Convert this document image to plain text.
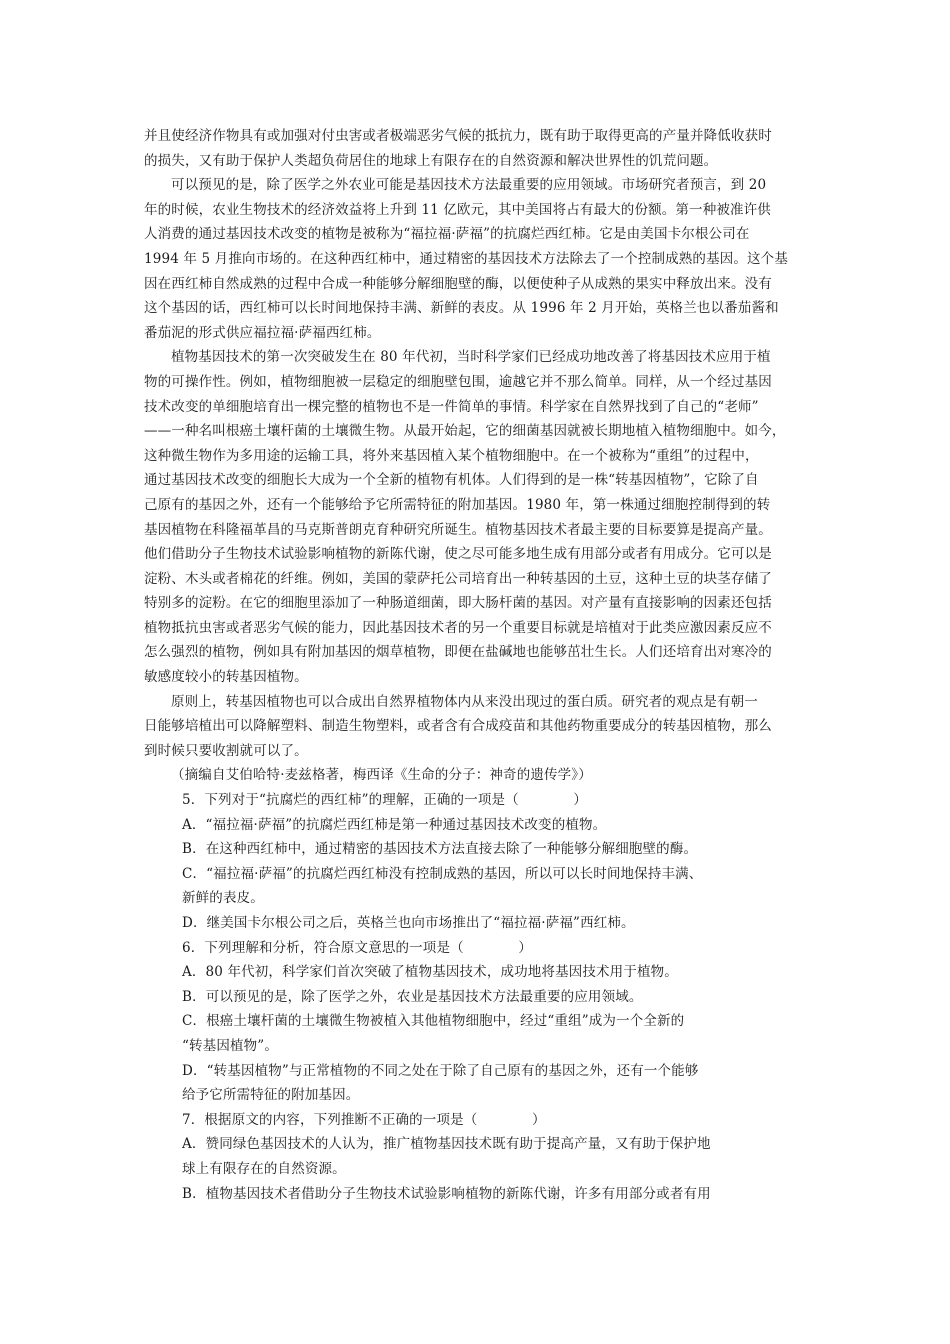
并且使经济作物具有或加强对付虫害或者极端恶劣气候的抵抗力，既有助于取得更高的产量并降低收获时
的损失，又有助于保护人类超负荷居住的地球上有限存在的自然资源和解决世界性的饥荒问题。
可以预见的是，除了医学之外农业可能是基因技术方法最重要的应用领域。市场研究者预言，到 20
年的时候，农业生物技术的经济效益将上升到 11 亿欧元，其中美国将占有最大的份额。第一种被准许供
人消费的通过基因技术改变的植物是被称为“福拉福·萨福”的抗腐烂西红柿。它是由美国卡尔根公司在
1994 年 5 月推向市场的。在这种西红柿中，通过精密的基因技术方法除去了一个控制成熟的基因。这个基
因在西红柿自然成熟的过程中合成一种能够分解细胞壁的酶，以便使种子从成熟的果实中释放出来。没有
这个基因的话，西红柿可以长时间地保持丰满、新鲜的表皮。从 1996 年 2 月开始，英格兰也以番茄酱和
番茄泥的形式供应福拉福·萨福西红柿。
植物基因技术的第一次突破发生在 80 年代初，当时科学家们已经成功地改善了将基因技术应用于植
物的可操作性。例如，植物细胞被一层稳定的细胞壁包围，逾越它并不那么简单。同样，从一个经过基因
技术改变的单细胞培育出一棵完整的植物也不是一件简单的事情。科学家在自然界找到了自己的“老师”
——一种名叫根癌土壤杆菌的土壤微生物。从最开始起，它的细菌基因就被长期地植入植物细胞中。如今，
这种微生物作为多用途的运输工具，将外来基因植入某个植物细胞中。在一个被称为“重组”的过程中，
通过基因技术改变的细胞长大成为一个全新的植物有机体。人们得到的是一株“转基因植物”，它除了自
己原有的基因之外，还有一个能够给予它所需特征的附加基因。1980 年，第一株通过细胞控制得到的转
基因植物在科隆福革昌的马克斯普朗克育种研究所诞生。植物基因技术者最主要的目标要算是提高产量。
他们借助分子生物技术试验影响植物的新陈代谢，使之尽可能多地生成有用部分或者有用成分。它可以是
淀粉、木头或者棉花的纤维。例如，美国的蒙萨托公司培育出一种转基因的土豆，这种土豆的块茎存储了
特别多的淀粉。在它的细胞里添加了一种肠道细菌，即大肠杆菌的基因。对产量有直接影响的因素还包括
植物抵抗虫害或者恶劣气候的能力，因此基因技术者的另一个重要目标就是培植对于此类应激因素反应不
怎么强烈的植物，例如具有附加基因的烟草植物，即便在盐碱地也能够茁壮生长。人们还培育出对寒冷的
敏感度较小的转基因植物。
原则上，转基因植物也可以合成出自然界植物体内从来没出现过的蛋白质。研究者的观点是有朝一
日能够培植出可以降解塑料、制造生物塑料，或者含有合成疫苗和其他药物重要成分的转基因植物，那么
到时候只要收割就可以了。
（摘编自艾伯哈特·麦兹格著，梅西译《生命的分子：神奇的遗传学》）
5．下列对于“抗腐烂的西红柿”的理解，正确的一项是（　　　　）
A．“福拉福·萨福”的抗腐烂西红柿是第一种通过基因技术改变的植物。
B．在这种西红柿中，通过精密的基因技术方法直接去除了一种能够分解细胞壁的酶。
C．“福拉福·萨福”的抗腐烂西红柿没有控制成熟的基因，所以可以长时间地保持丰满、
新鲜的表皮。
D．继美国卡尔根公司之后，英格兰也向市场推出了“福拉福·萨福”西红柿。
6．下列理解和分析，符合原文意思的一项是（　　　　）
A．80 年代初，科学家们首次突破了植物基因技术，成功地将基因技术用于植物。
B．可以预见的是，除了医学之外，农业是基因技术方法最重要的应用领域。
C．根癌土壤杆菌的土壤微生物被植入其他植物细胞中，经过“重组”成为一个全新的
“转基因植物”。
D．“转基因植物”与正常植物的不同之处在于除了自己原有的基因之外，还有一个能够
给予它所需特征的附加基因。
7．根据原文的内容，下列推断不正确的一项是（　　　　）
A．赞同绿色基因技术的人认为，推广植物基因技术既有助于提高产量，又有助于保护地
球上有限存在的自然资源。
B．植物基因技术者借助分子生物技术试验影响植物的新陈代谢，许多有用部分或者有用
